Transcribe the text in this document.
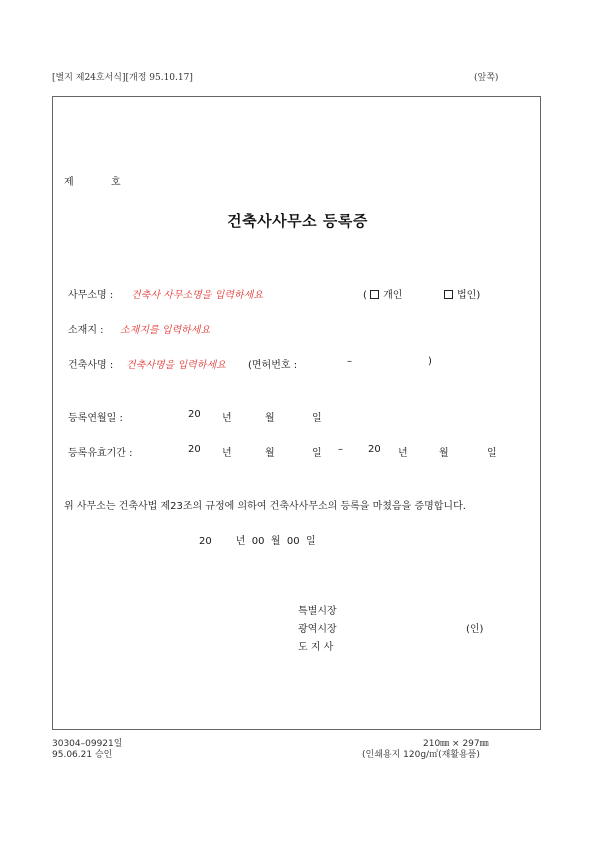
[별지 제24호서식][개정 95.10.17]	(앞쪽)
제	호
건축사사무소 등록증
사무소명 : 건축사 사무소명을 입력하세요	( 개인	법인)
소재지 : 소재지를 입력하세요
건축사명 : 건축사명을 입력하세요 (면허번호 :	–	)
등록연월일 :	20 년	월	일
등록유효기간 :	20 년	월	일 –	20 년	월	일
위 사무소는 건축사법 제23조의 규정에 의하여 건축사사무소의 등록을 마쳤음을 증명합니다.
20 년 00 월 00 일
특별시장
광역시장	(인)
도 지 사
30304–09921일
95.06.21 승인
210㎜ × 297㎜
(인쇄용지 120g/㎡(재활용품)
